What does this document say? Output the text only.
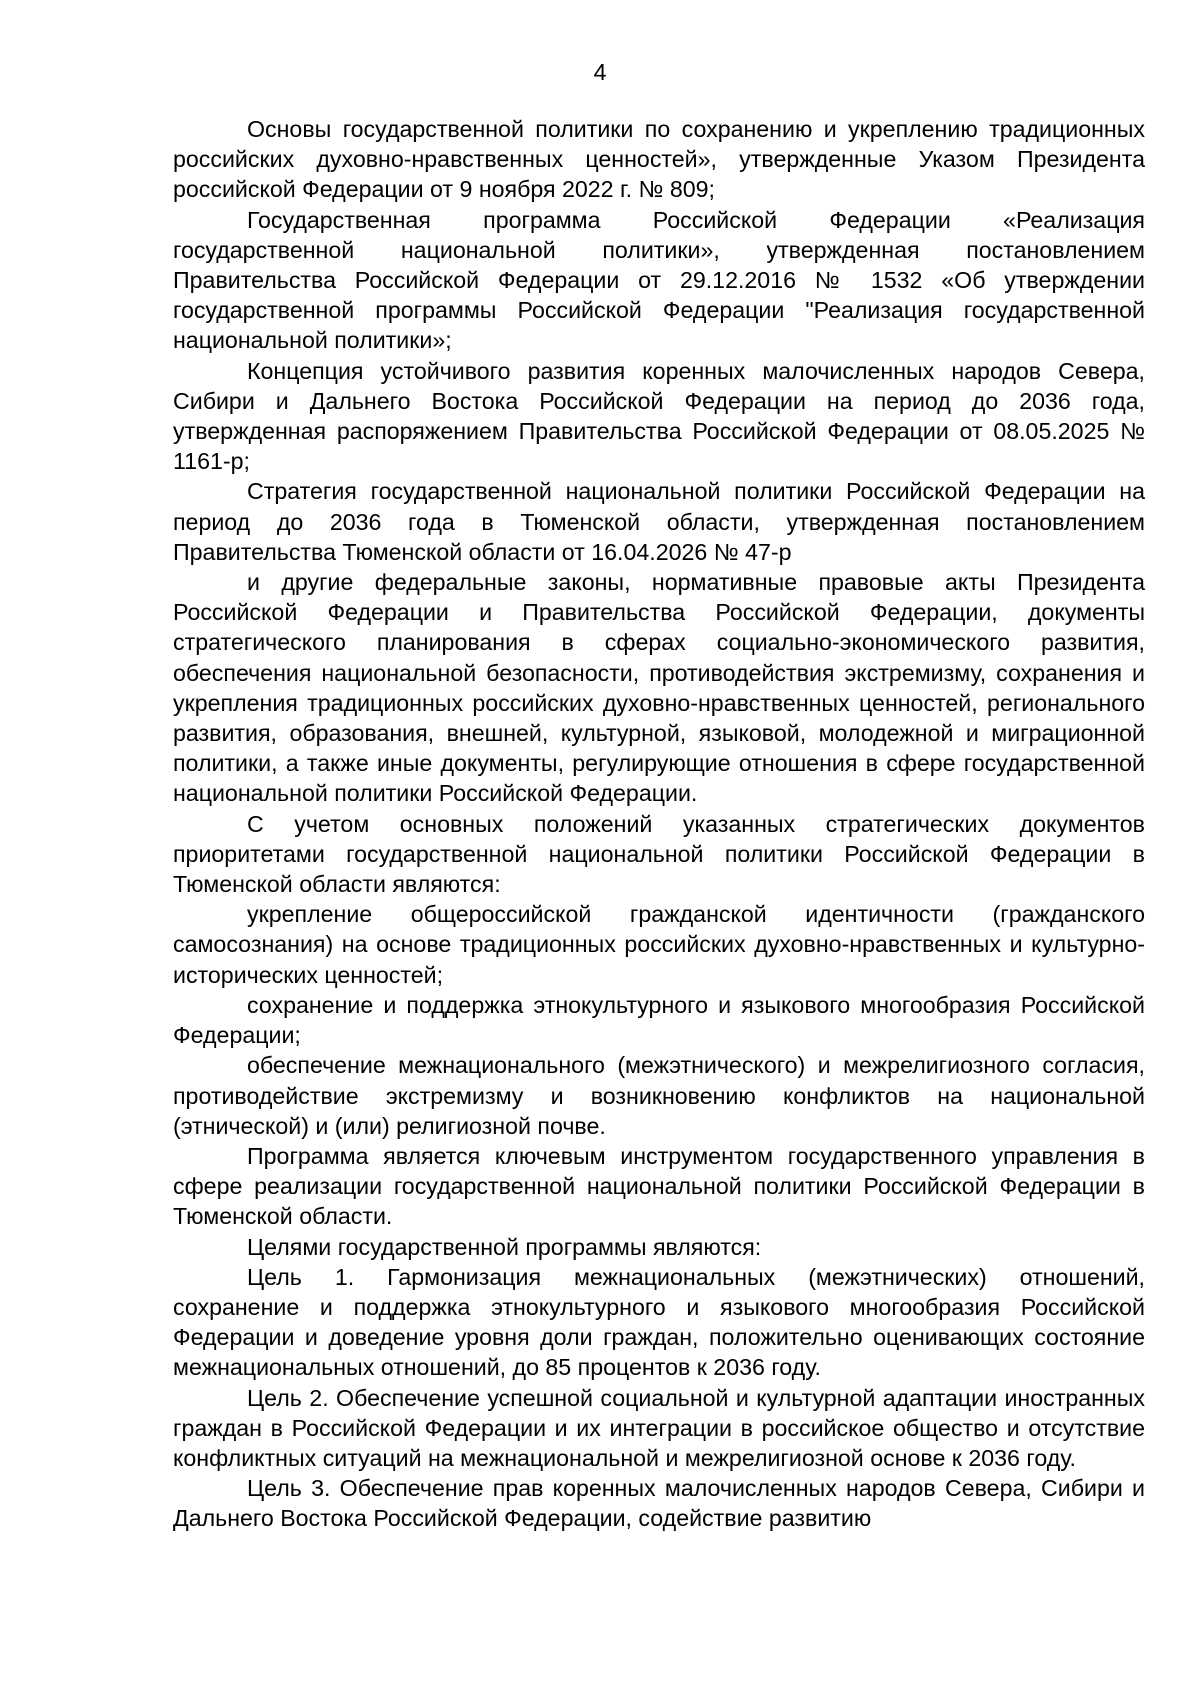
4

Основы государственной политики по сохранению и укреплению традиционных российских духовно-нравственных ценностей», утвержденные Указом Президента российской Федерации от 9 ноября 2022 г. № 809;

Государственная программа Российской Федерации «Реализация государственной национальной политики», утвержденная постановлением Правительства Российской Федерации от 29.12.2016 № 1532 «Об утверждении государственной программы Российской Федерации "Реализация государственной национальной политики»;

Концепция устойчивого развития коренных малочисленных народов Севера, Сибири и Дальнего Востока Российской Федерации на период до 2036 года, утвержденная распоряжением Правительства Российской Федерации от 08.05.2025 № 1161-р;

Стратегия государственной национальной политики Российской Федерации на период до 2036 года в Тюменской области, утвержденная постановлением Правительства Тюменской области от 16.04.2026 № 47-р

и другие федеральные законы, нормативные правовые акты Президента Российской Федерации и Правительства Российской Федерации, документы стратегического планирования в сферах социально-экономического развития, обеспечения национальной безопасности, противодействия экстремизму, сохранения и укрепления традиционных российских духовно-нравственных ценностей, регионального развития, образования, внешней, культурной, языковой, молодежной и миграционной политики, а также иные документы, регулирующие отношения в сфере государственной национальной политики Российской Федерации.

С учетом основных положений указанных стратегических документов приоритетами государственной национальной политики Российской Федерации в Тюменской области являются:

укрепление общероссийской гражданской идентичности (гражданского самосознания) на основе традиционных российских духовно-нравственных и культурно-исторических ценностей;

сохранение и поддержка этнокультурного и языкового многообразия Российской Федерации;

обеспечение межнационального (межэтнического) и межрелигиозного согласия, противодействие экстремизму и возникновению конфликтов на национальной (этнической) и (или) религиозной почве.

Программа является ключевым инструментом государственного управления в сфере реализации государственной национальной политики Российской Федерации в Тюменской области.

Целями государственной программы являются:

Цель 1. Гармонизация межнациональных (межэтнических) отношений, сохранение и поддержка этнокультурного и языкового многообразия Российской Федерации и доведение уровня доли граждан, положительно оценивающих состояние межнациональных отношений, до 85 процентов к 2036 году.

Цель 2. Обеспечение успешной социальной и культурной адаптации иностранных граждан в Российской Федерации и их интеграции в российское общество и отсутствие конфликтных ситуаций на межнациональной и межрелигиозной основе к 2036 году.

Цель 3. Обеспечение прав коренных малочисленных народов Севера, Сибири и Дальнего Востока Российской Федерации, содействие развитию
